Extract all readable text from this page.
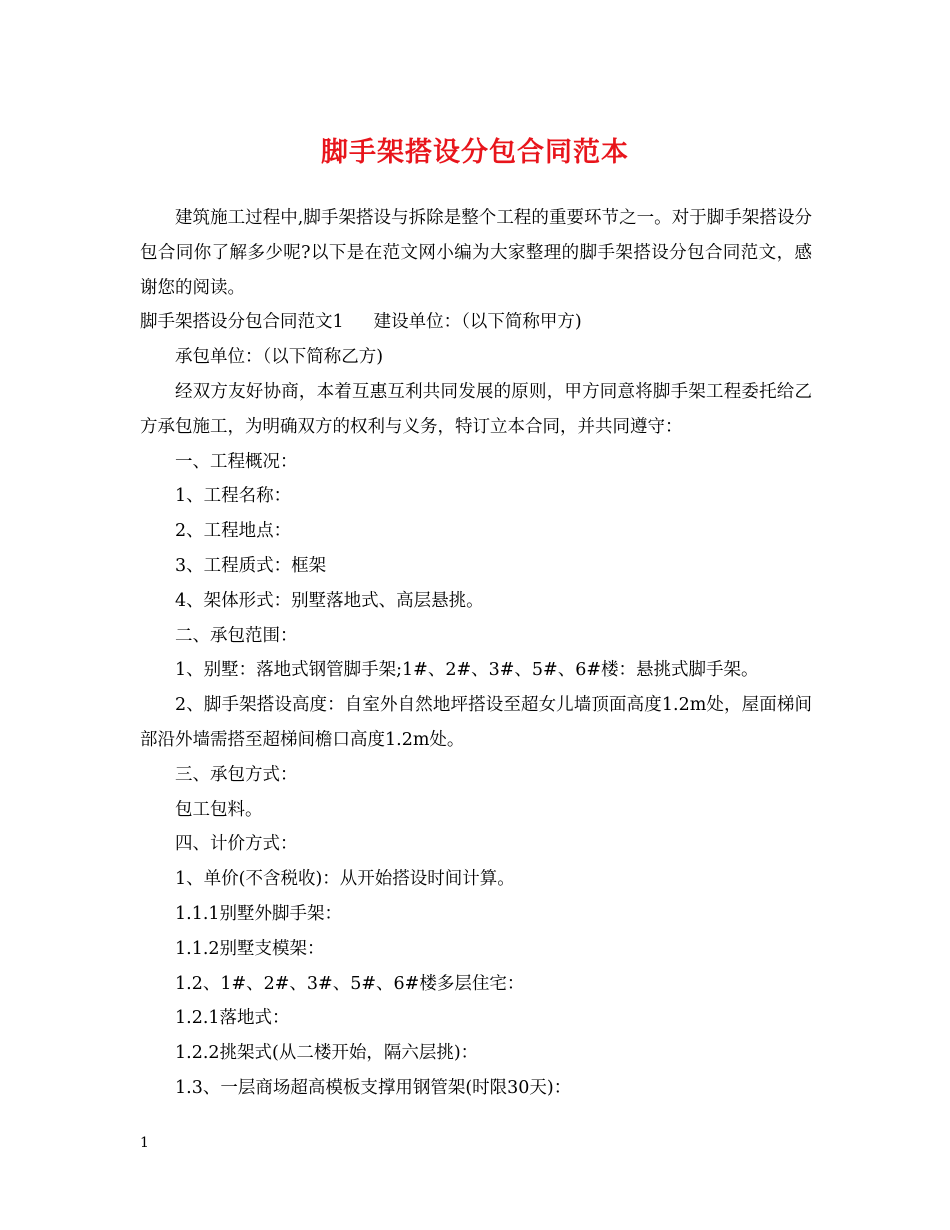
脚手架搭设分包合同范本

建筑施工过程中,脚手架搭设与拆除是整个工程的重要环节之一。对于脚手架搭设分包合同你了解多少呢?以下是在范文网小编为大家整理的脚手架搭设分包合同范文，感谢您的阅读。

脚手架搭设分包合同范文1 建设单位：（以下简称甲方)

承包单位：（以下简称乙方)

经双方友好协商，本着互惠互利共同发展的原则，甲方同意将脚手架工程委托给乙方承包施工，为明确双方的权利与义务，特订立本合同，并共同遵守：

一、工程概况：

1、工程名称：

2、工程地点：

3、工程质式：框架

4、架体形式：别墅落地式、高层悬挑。

二、承包范围：

1、别墅：落地式钢管脚手架;1#、2#、3#、5#、6#楼：悬挑式脚手架。

2、脚手架搭设高度：自室外自然地坪搭设至超女儿墙顶面高度1.2m处，屋面梯间部沿外墙需搭至超梯间檐口高度1.2m处。

三、承包方式：

包工包料。

四、计价方式：

1、单价(不含税收)：从开始搭设时间计算。

1.1.1别墅外脚手架：

1.1.2别墅支模架：

1.2、1#、2#、3#、5#、6#楼多层住宅：

1.2.1落地式：

1.2.2挑架式(从二楼开始，隔六层挑)：

1.3、一层商场超高模板支撑用钢管架(时限30天)：

1
